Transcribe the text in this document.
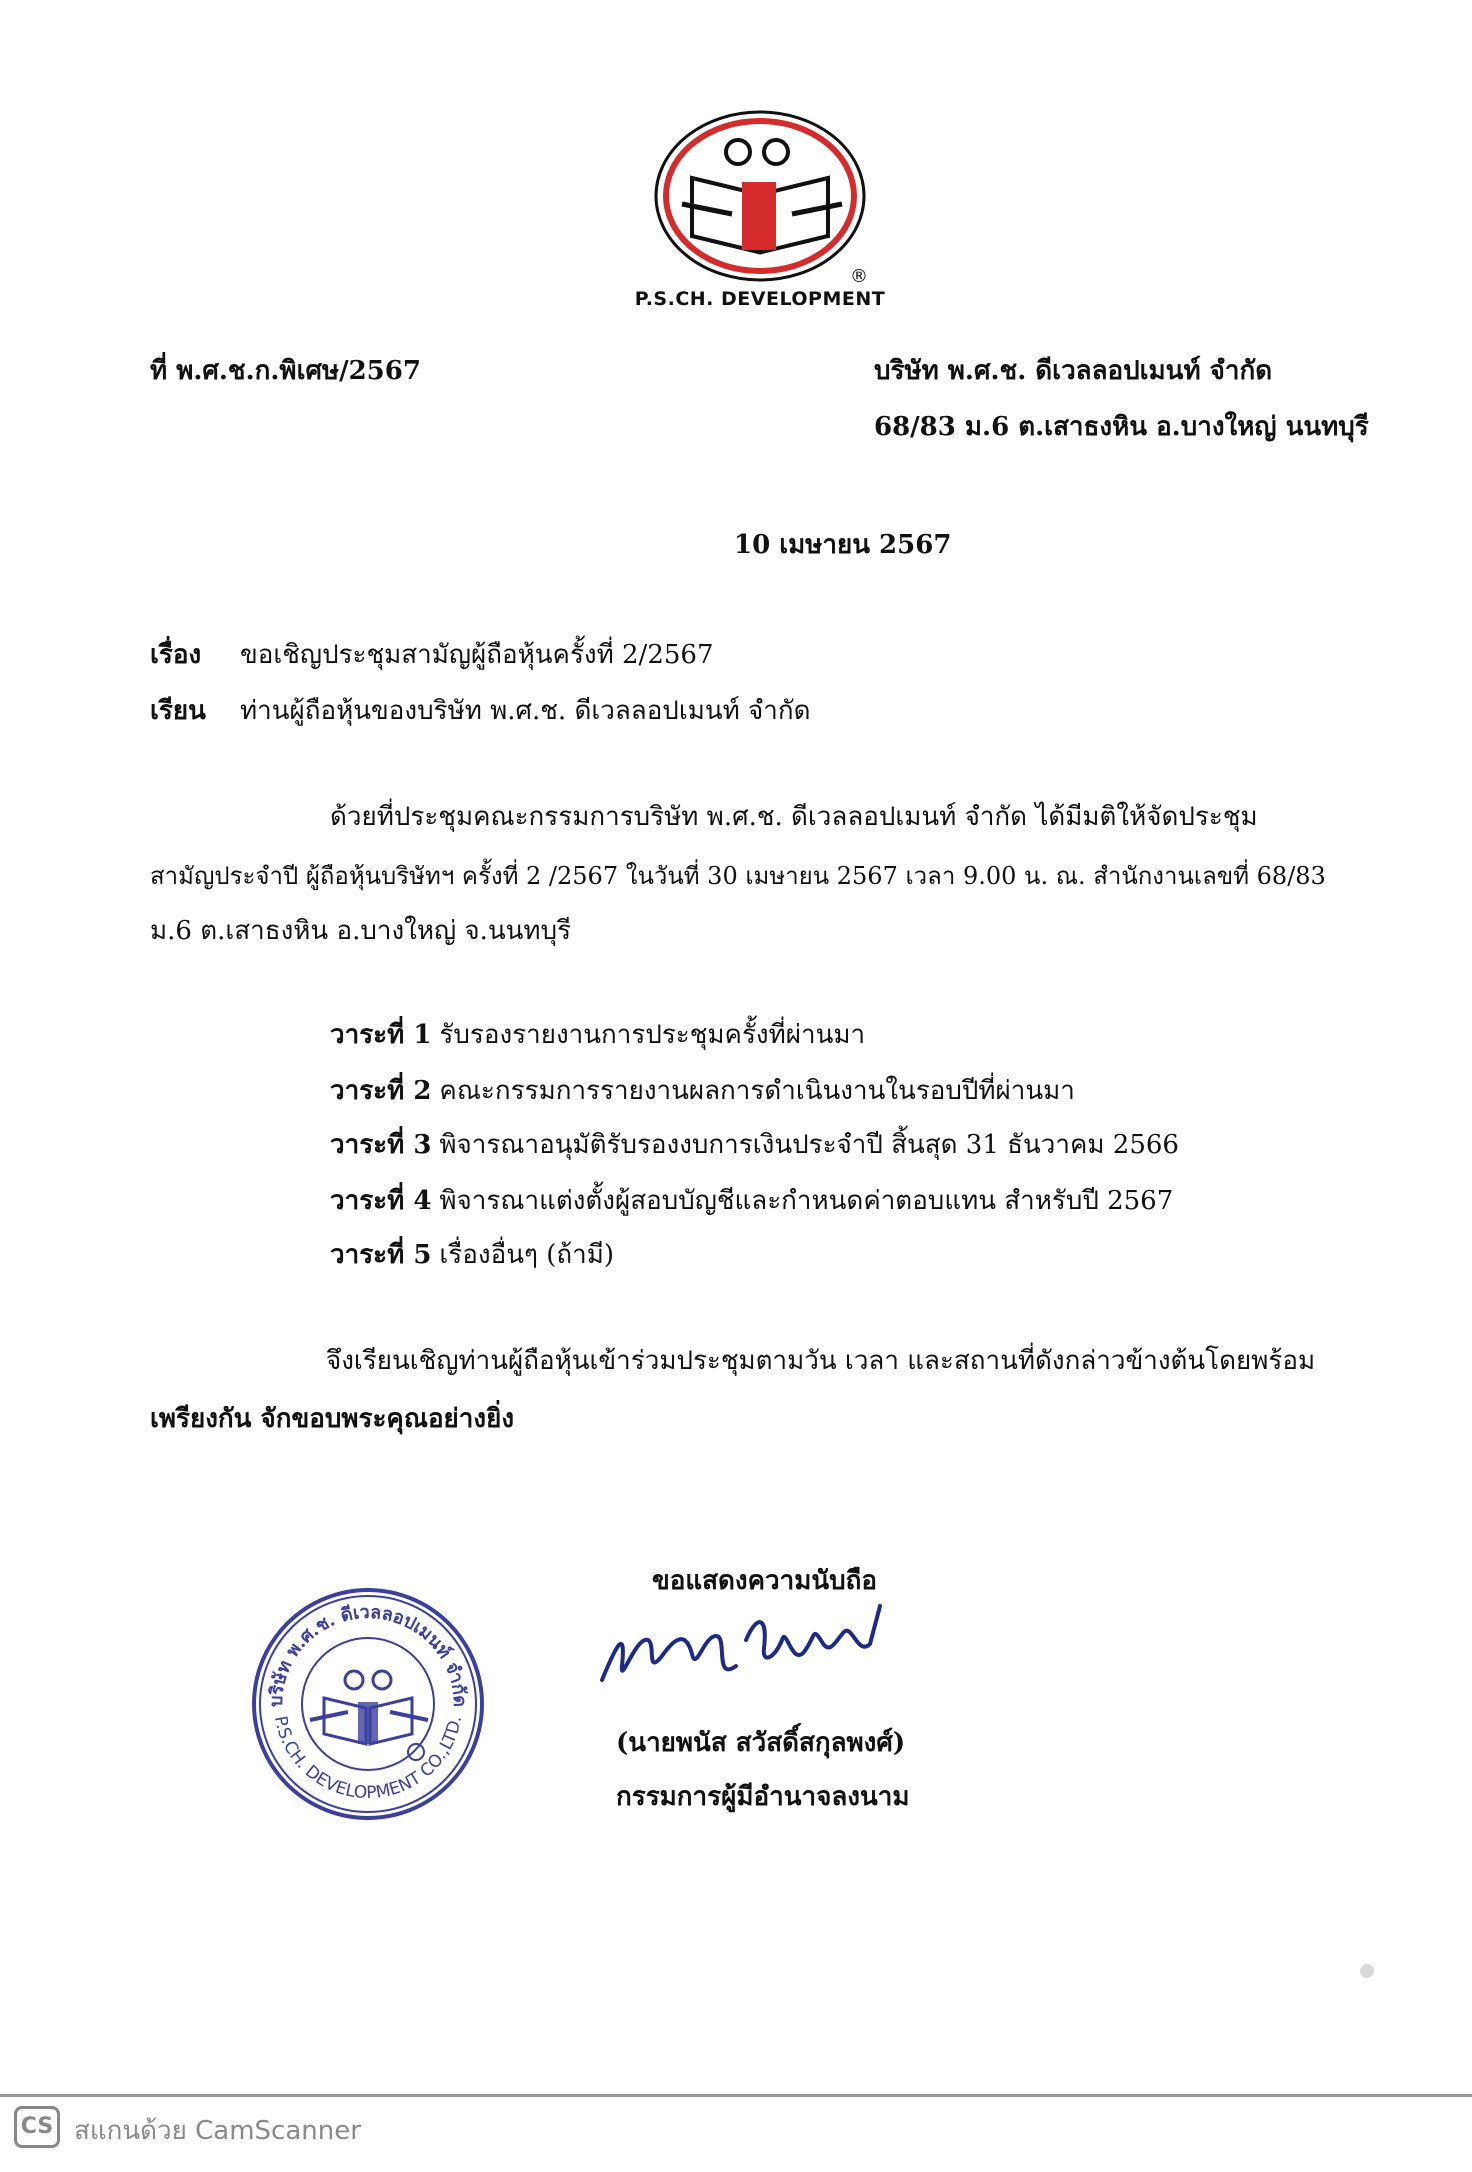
®
P.S.CH. DEVELOPMENT
ที่ พ.ศ.ช.ก.พิเศษ/2567	บริษัท พ.ศ.ช. ดีเวลลอปเมนท์ จำกัด
68/83 ม.6 ต.เสาธงหิน อ.บางใหญ่ นนทบุรี
10 เมษายน 2567
เรื่อง ขอเชิญประชุมสามัญผู้ถือหุ้นครั้งที่ 2/2567
เรียน ท่านผู้ถือหุ้นของบริษัท พ.ศ.ช. ดีเวลลอปเมนท์ จำกัด
ด้วยที่ประชุมคณะกรรมการบริษัท พ.ศ.ช. ดีเวลลอปเมนท์ จำกัด ได้มีมติให้จัดประชุม
สามัญประจำปี ผู้ถือหุ้นบริษัทฯ ครั้งที่ 2 /2567 ในวันที่ 30 เมษายน 2567 เวลา 9.00 น. ณ. สำนักงานเลขที่ 68/83
ม.6 ต.เสาธงหิน อ.บางใหญ่ จ.นนทบุรี
วาระที่ 1 รับรองรายงานการประชุมครั้งที่ผ่านมา
วาระที่ 2 คณะกรรมการรายงานผลการดำเนินงานในรอบปีที่ผ่านมา
วาระที่ 3 พิจารณาอนุมัติรับรองงบการเงินประจำปี สิ้นสุด 31 ธันวาคม 2566
วาระที่ 4 พิจารณาแต่งตั้งผู้สอบบัญชีและกำหนดค่าตอบแทน สำหรับปี 2567
วาระที่ 5 เรื่องอื่นๆ (ถ้ามี)
จึงเรียนเชิญท่านผู้ถือหุ้นเข้าร่วมประชุมตามวัน เวลา และสถานที่ดังกล่าวข้างต้นโดยพร้อม
เพรียงกัน จักขอบพระคุณอย่างยิ่ง
ขอแสดงความนับถือ
(นายพนัส สวัสดิ์สกุลพงศ์)
กรรมการผู้มีอำนาจลงนาม
บริษัท พ.ศ.ช. ดีเวลลอปเมนท์ จำกัด
P.S.CH. DEVELOPMENT CO.,LTD.
CS สแกนด้วย CamScanner
